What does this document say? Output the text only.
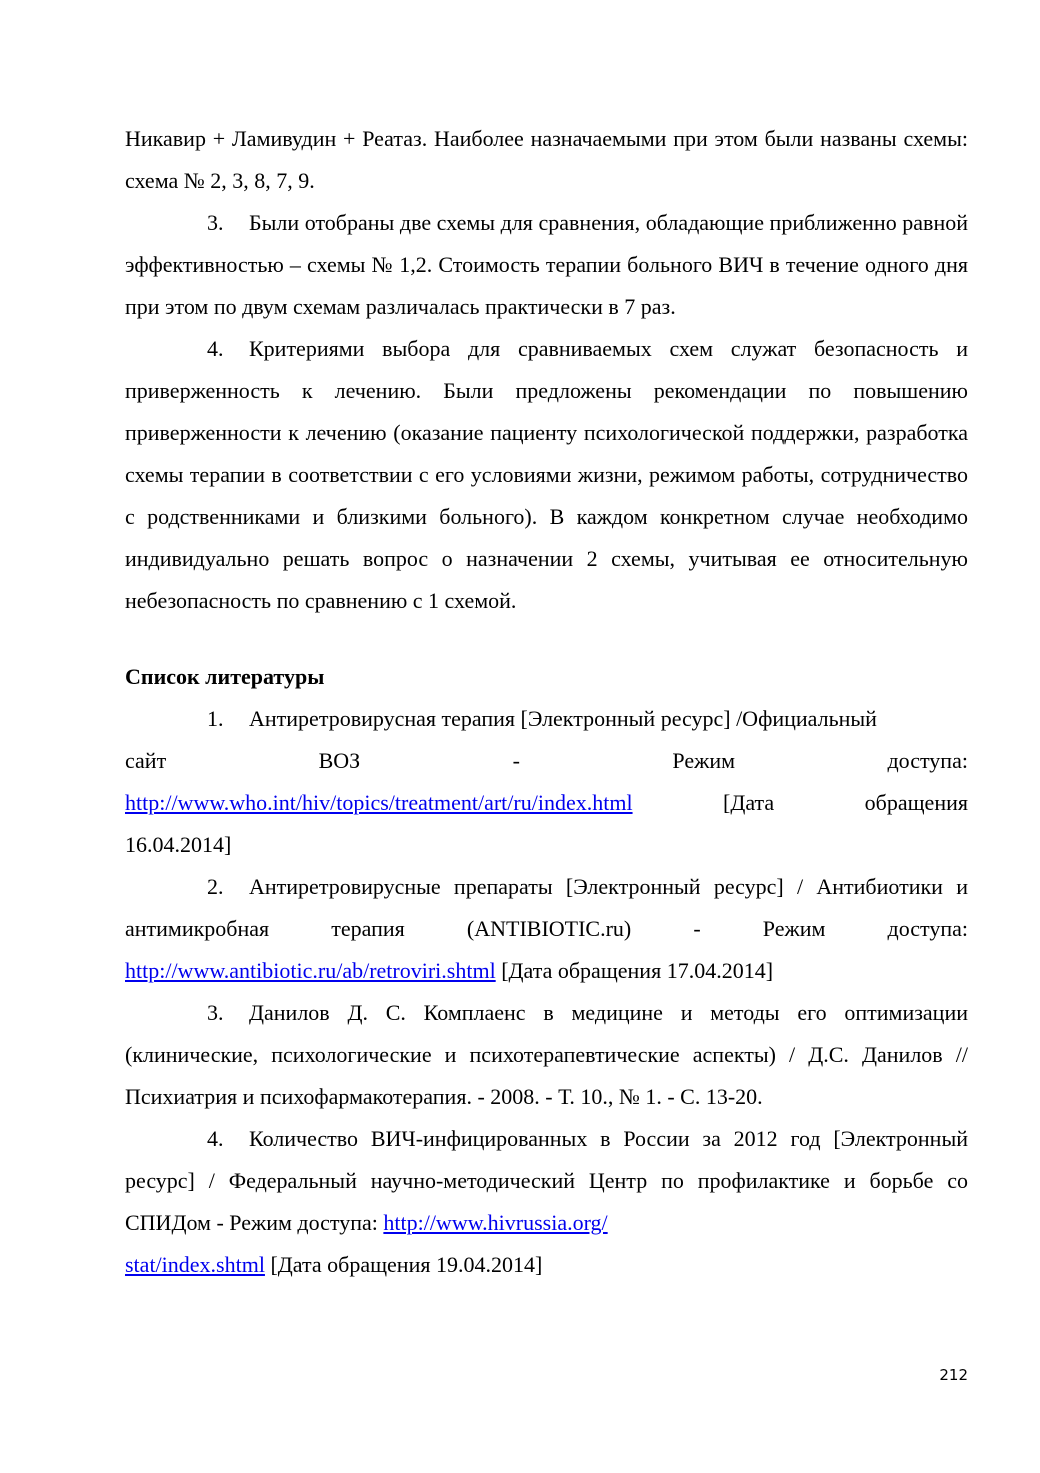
Никавир + Ламивудин + Реатаз. Наиболее назначаемыми при этом были названы схемы: схема № 2, 3, 8, 7, 9.

3. Были отобраны две схемы для сравнения, обладающие приближенно равной эффективностью – схемы № 1,2. Стоимость терапии больного ВИЧ в течение одного дня при этом по двум схемам различалась практически в 7 раз.

4. Критериями выбора для сравниваемых схем служат безопасность и приверженность к лечению. Были предложены рекомендации по повышению приверженности к лечению (оказание пациенту психологической поддержки, разработка схемы терапии в соответствии с его условиями жизни, режимом работы, сотрудничество с родственниками и близкими больного). В каждом конкретном случае необходимо индивидуально решать вопрос о назначении 2 схемы, учитывая ее относительную небезопасность по сравнению с 1 схемой.

Список литературы

1. Антиретровирусная терапия [Электронный ресурс] /Официальный

сайт	ВОЗ	-	Режим	доступа:
http://www.who.int/hiv/topics/treatment/art/ru/index.html	[Дата	обращения

16.04.2014]

2. Антиретровирусные препараты [Электронный ресурс] / Антибиотики и антимикробная терапия (ANTIBIOTIC.ru) - Режим доступа: http://www.antibiotic.ru/ab/retroviri.shtml [Дата обращения 17.04.2014]

3. Данилов Д. С. Комплаенс в медицине и методы его оптимизации (клинические, психологические и психотерапевтические аспекты) / Д.С. Данилов // Психиатрия и психофармакотерапия. - 2008. - Т. 10., № 1. - С. 13-20.

4. Количество ВИЧ-инфицированных в России за 2012 год [Электронный ресурс] / Федеральный научно-методический Центр по профилактике и борьбе со СПИДом - Режим доступа: http://www.hivrussia.org/
stat/index.shtml [Дата обращения 19.04.2014]

212
